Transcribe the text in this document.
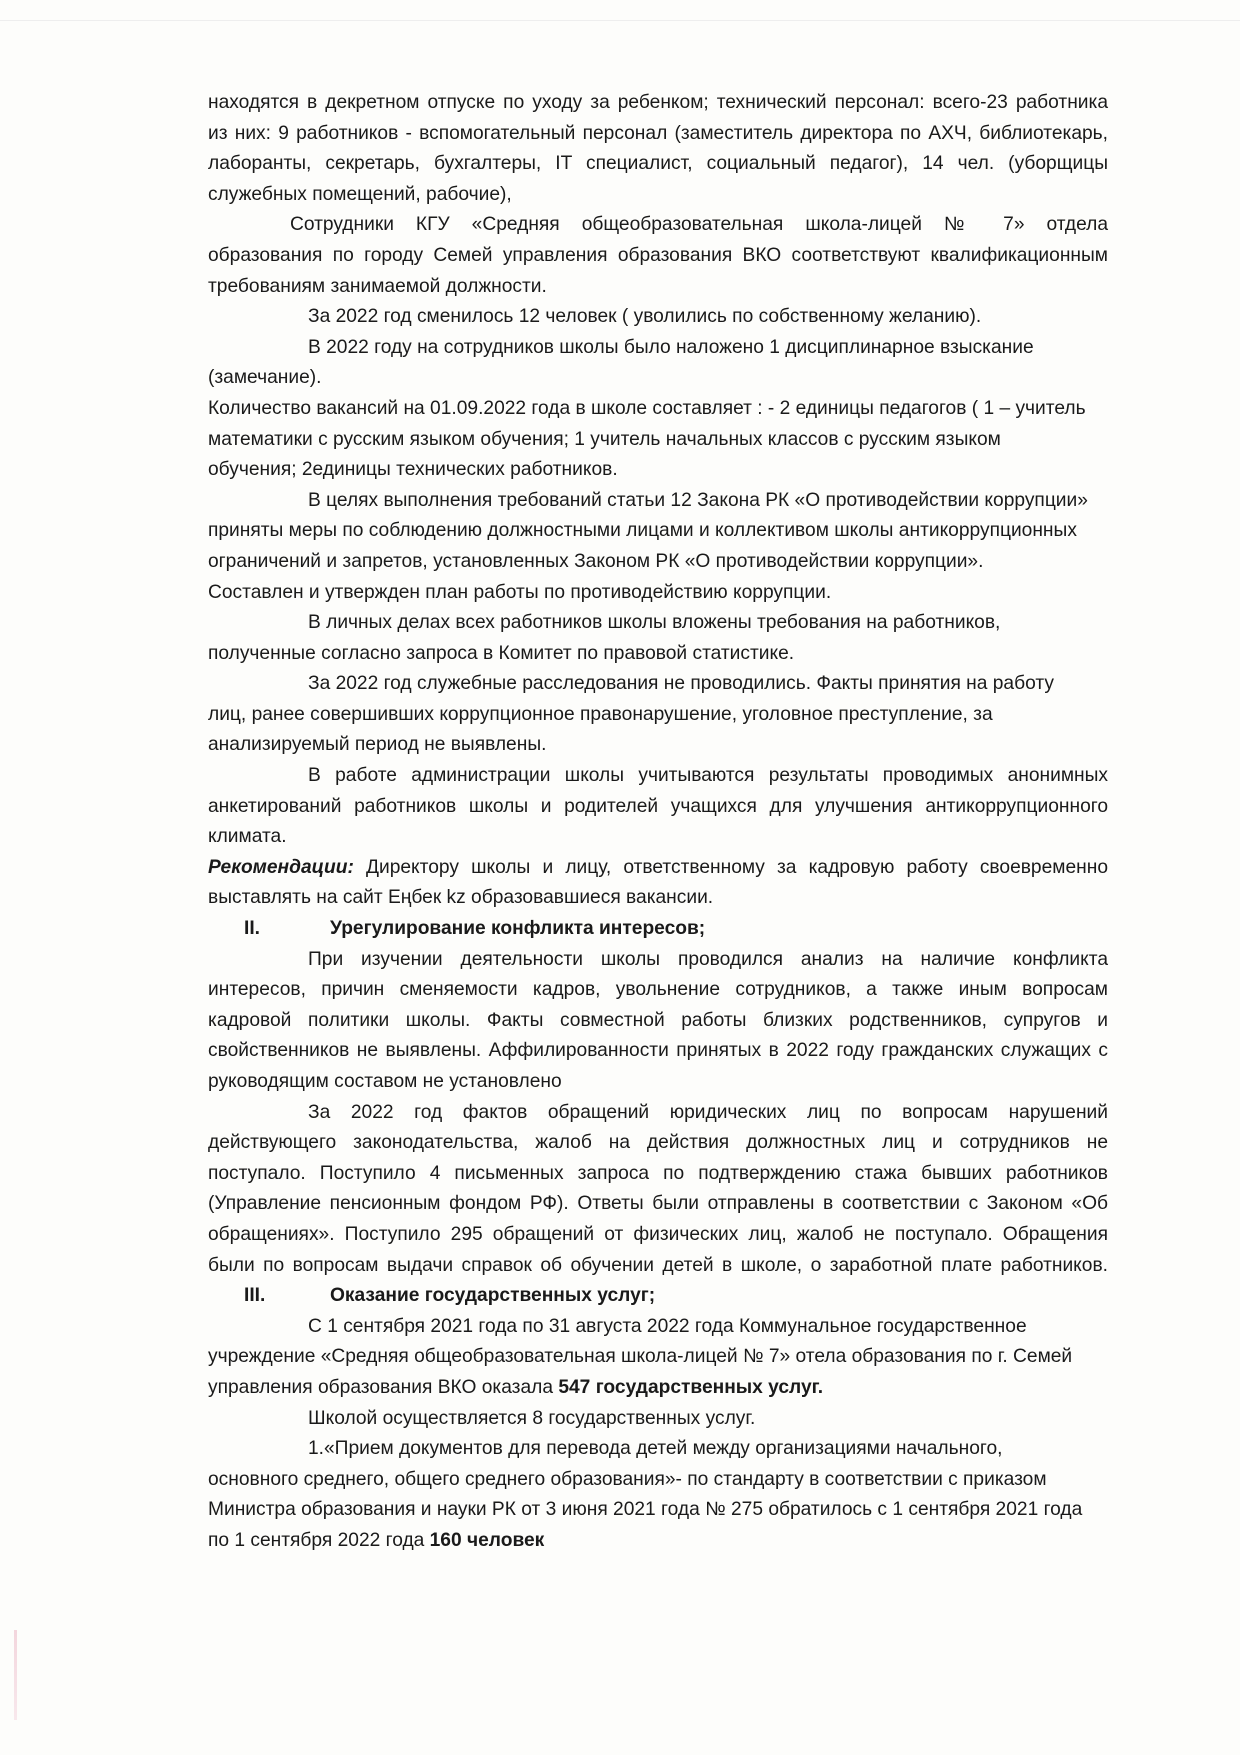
находятся в декретном отпуске по уходу за ребенком; технический персонал: всего-23 работника
из них: 9 работников - вспомогательный персонал (заместитель директора по АХЧ, библиотекарь,
лаборанты, секретарь, бухгалтеры, IT специалист, социальный педагог), 14 чел. (уборщицы
служебных помещений, рабочие),
Сотрудники КГУ «Средняя общеобразовательная школа-лицей № 7» отдела
образования по городу Семей управления образования ВКО соответствуют квалификационным
требованиям занимаемой должности.
За 2022 год сменилось 12 человек ( уволились по собственному желанию).
В 2022 году на сотрудников школы было наложено 1 дисциплинарное взыскание
(замечание).
Количество вакансий на 01.09.2022 года в школе составляет : - 2 единицы педагогов ( 1 – учитель
математики с русским языком обучения; 1 учитель начальных классов с русским языком
обучения; 2единицы технических работников.
В целях выполнения требований статьи 12 Закона РК «О противодействии коррупции»
приняты меры по соблюдению должностными лицами и коллективом школы антикоррупционных
ограничений и запретов, установленных Законом РК «О противодействии коррупции».
Составлен и утвержден план работы по противодействию коррупции.
В личных делах всех работников школы вложены требования на работников,
полученные согласно запроса в Комитет по правовой статистике.
За 2022 год служебные расследования не проводились. Факты принятия на работу
лиц, ранее совершивших коррупционное правонарушение, уголовное преступление, за
анализируемый период не выявлены.
В работе администрации школы учитываются результаты проводимых анонимных
анкетирований работников школы и родителей учащихся для улучшения антикоррупционного
климата.
Рекомендации: Директору школы и лицу, ответственному за кадровую работу своевременно
выставлять на сайт Еңбек kz образовавшиеся вакансии.
II.	Урегулирование конфликта интересов;
При изучении деятельности школы проводился анализ на наличие конфликта
интересов, причин сменяемости кадров, увольнение сотрудников, а также иным вопросам
кадровой политики школы. Факты совместной работы близких родственников, супругов и
свойственников не выявлены. Аффилированности принятых в 2022 году гражданских служащих с
руководящим составом не установлено
За 2022 год фактов обращений юридических лиц по вопросам нарушений
действующего законодательства, жалоб на действия должностных лиц и сотрудников не
поступало. Поступило 4 письменных запроса по подтверждению стажа бывших работников
(Управление пенсионным фондом РФ). Ответы были отправлены в соответствии с Законом «Об
обращениях». Поступило 295 обращений от физических лиц, жалоб не поступало. Обращения
были по вопросам выдачи справок об обучении детей в школе, о заработной плате работников.
III.	Оказание государственных услуг;
С 1 сентября 2021 года по 31 августа 2022 года Коммунальное государственное
учреждение «Средняя общеобразовательная школа-лицей № 7» отела образования по г. Семей
управления образования ВКО оказала 547 государственных услуг.
Школой осуществляется 8 государственных услуг.
1.«Прием документов для перевода детей между организациями начального,
основного среднего, общего среднего образования»- по стандарту в соответствии с приказом
Министра образования и науки РК от 3 июня 2021 года № 275 обратилось с 1 сентября 2021 года
по 1 сентября 2022 года 160 человек
